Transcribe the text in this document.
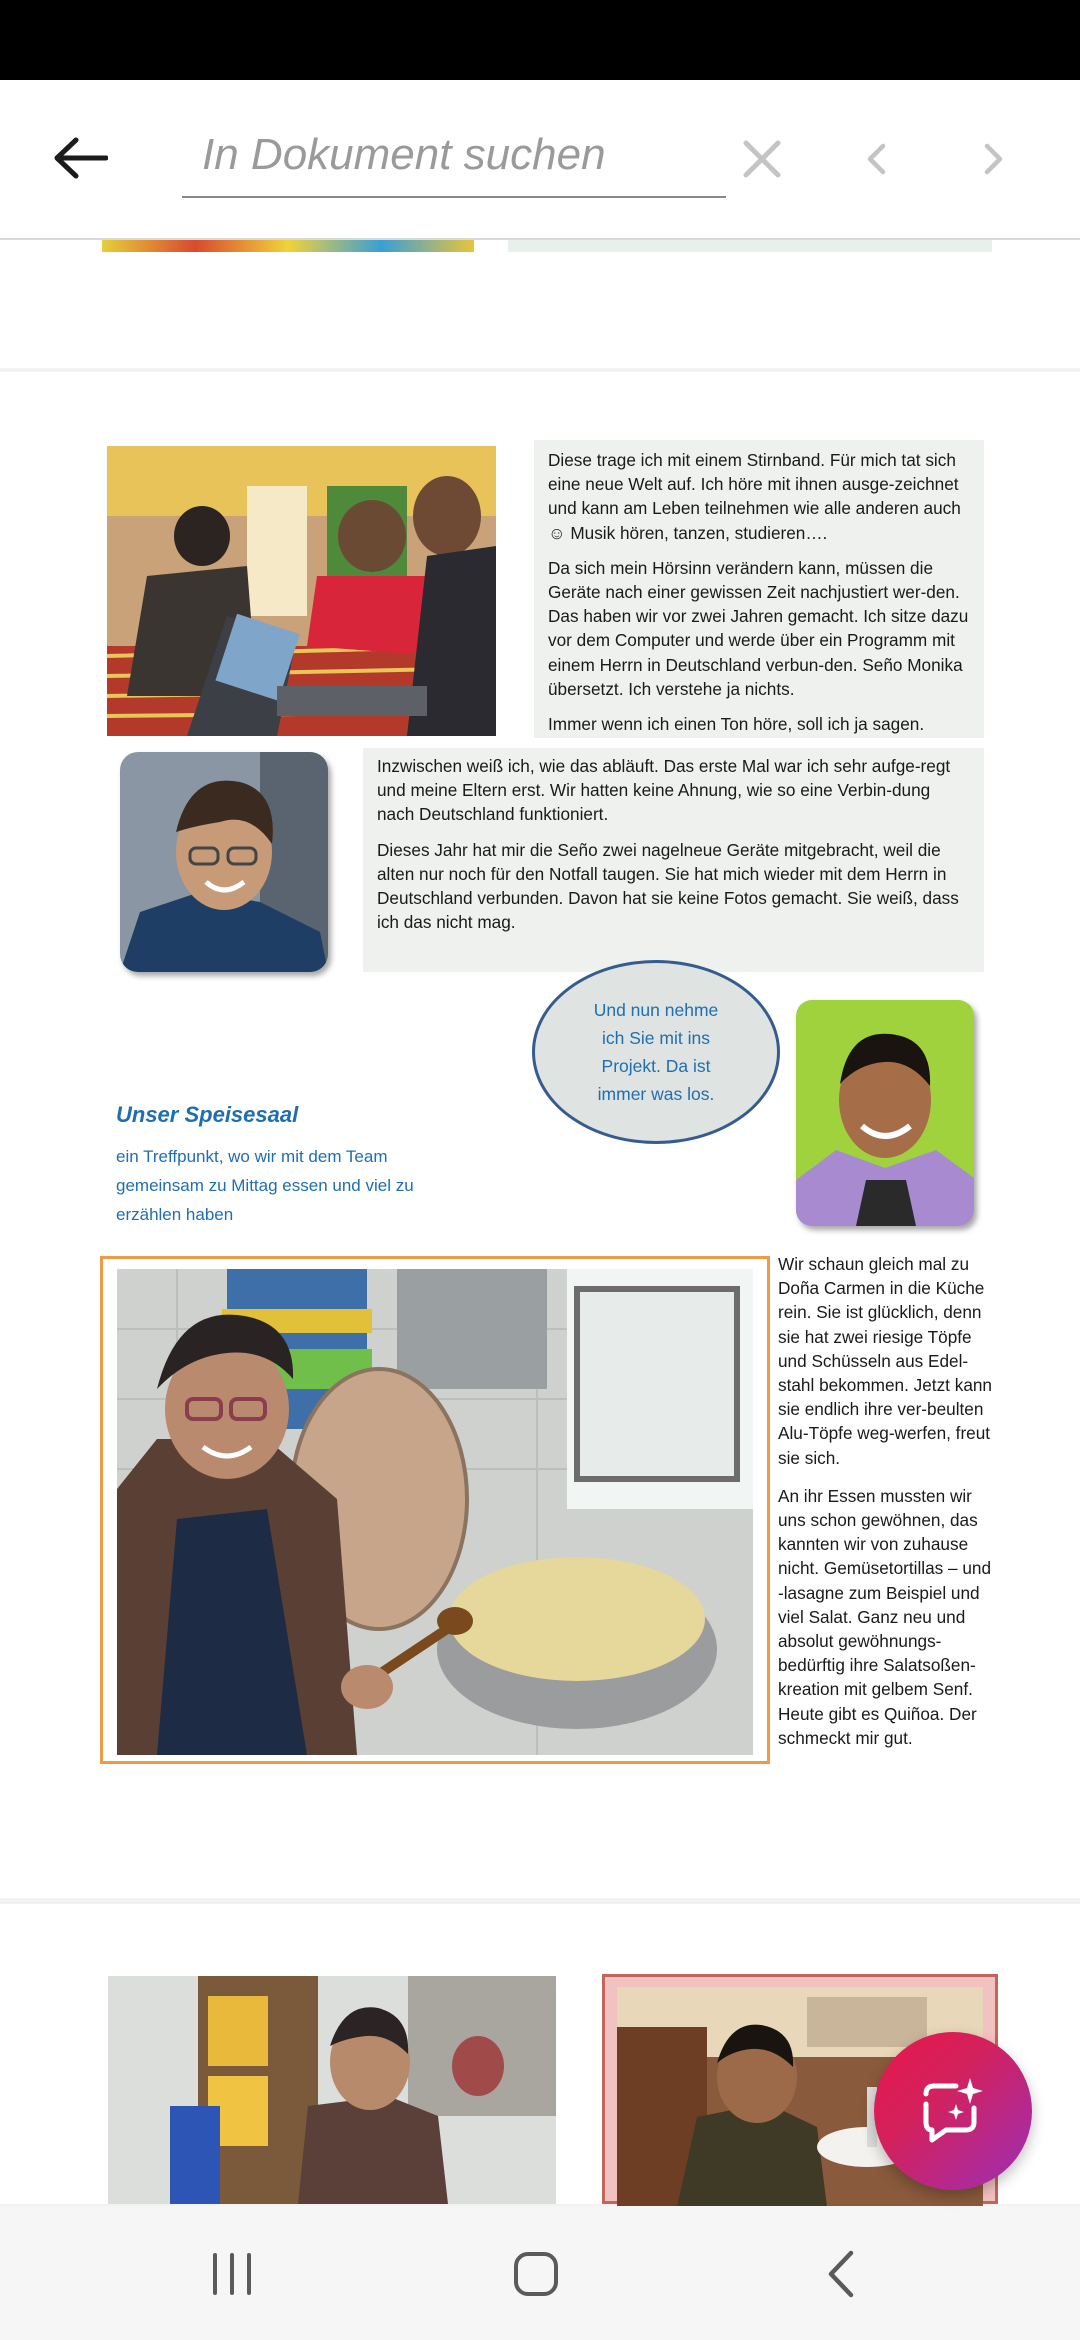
In Dokument suchen

Diese trage ich mit einem Stirnband. Für mich tat sich eine neue Welt auf. Ich höre mit ihnen ausge-zeichnet und kann am Leben teilnehmen wie alle anderen auch ☺ Musik hören, tanzen, studieren….

Da sich mein Hörsinn verändern kann, müssen die Geräte nach einer gewissen Zeit nachjustiert wer-den. Das haben wir vor zwei Jahren gemacht. Ich sitze dazu vor dem Computer und werde über ein Programm mit einem Herrn in Deutschland verbun-den. Seño Monika übersetzt. Ich verstehe ja nichts.

Immer wenn ich einen Ton höre, soll ich ja sagen.

Inzwischen weiß ich, wie das abläuft. Das erste Mal war ich sehr aufge-regt und meine Eltern erst. Wir hatten keine Ahnung, wie so eine Verbin-dung nach Deutschland funktioniert.

Dieses Jahr hat mir die Seño zwei nagelneue Geräte mitgebracht, weil die alten nur noch für den Notfall taugen. Sie hat mich wieder mit dem Herrn in Deutschland verbunden. Davon hat sie keine Fotos gemacht. Sie weiß, dass ich das nicht mag.

Und nun nehme ich Sie mit ins Projekt. Da ist immer was los.
Unser Speisesaal
ein Treffpunkt, wo wir mit dem Team gemeinsam zu Mittag essen und viel zu erzählen haben

Wir schaun gleich mal zu Doña Carmen in die Küche rein. Sie ist glücklich, denn sie hat zwei riesige Töpfe und Schüsseln aus Edel-stahl bekommen. Jetzt kann sie endlich ihre ver-beulten Alu-Töpfe weg-werfen, freut sie sich.

An ihr Essen mussten wir uns schon gewöhnen, das kannten wir von zuhause nicht. Gemüsetortillas – und -lasagne zum Beispiel und viel Salat. Ganz neu und absolut gewöhnungs-bedürftig ihre Salatsoßen-kreation mit gelbem Senf. Heute gibt es Quiñoa. Der schmeckt mir gut.
